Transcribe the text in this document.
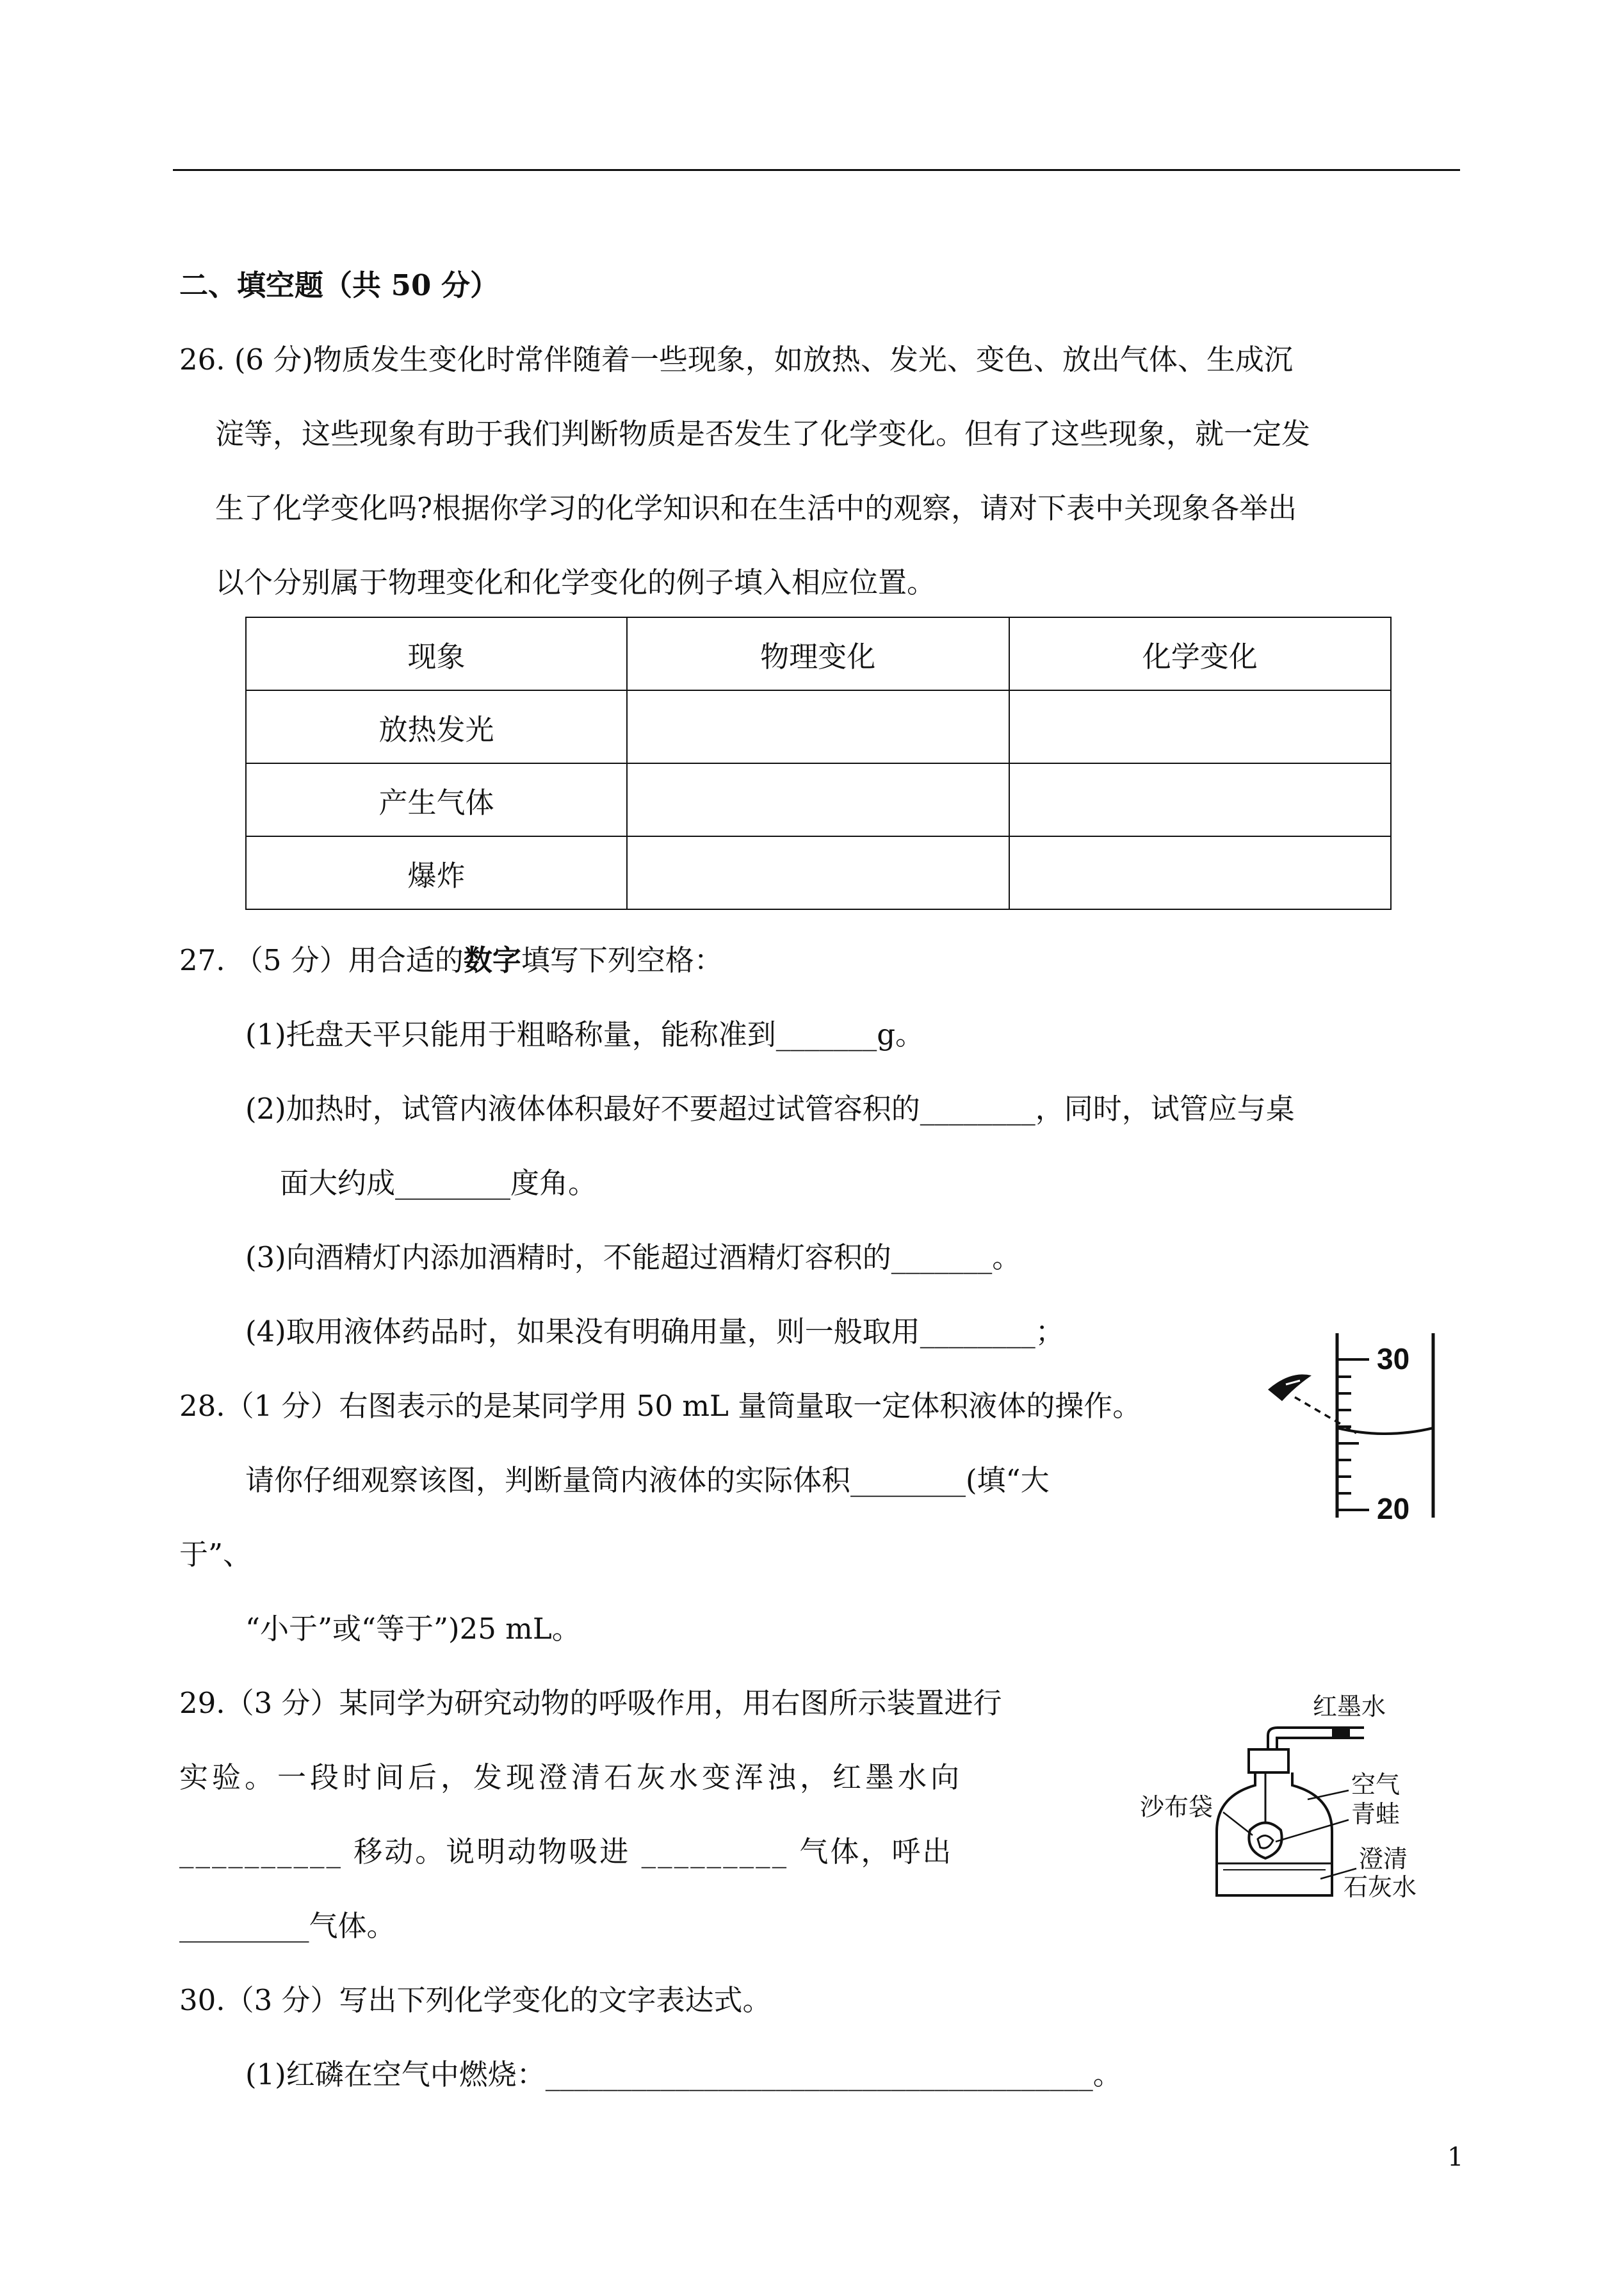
二、填空题（共 50 分）
26. (6 分)物质发生变化时常伴随着一些现象，如放热、发光、变色、放出气体、生成沉
淀等，这些现象有助于我们判断物质是否发生了化学变化。但有了这些现象，就一定发
生了化学变化吗?根据你学习的化学知识和在生活中的观察，请对下表中关现象各举出
以个分别属于物理变化和化学变化的例子填入相应位置。
现象	物理变化	化学变化
放热发光		
产生气体		
爆炸		
27. （5 分）用合适的数字填写下列空格：
(1)托盘天平只能用于粗略称量，能称准到_______g。
(2)加热时，试管内液体体积最好不要超过试管容积的________，同时，试管应与桌
面大约成________度角。
(3)向酒精灯内添加酒精时，不能超过酒精灯容积的_______。
(4)取用液体药品时，如果没有明确用量，则一般取用________；
28.（1 分）右图表示的是某同学用 50 mL 量筒量取一定体积液体的操作。
请你仔细观察该图，判断量筒内液体的实际体积________(填“大
于”、
“小于”或“等于”)25 mL。
30
20
29.（3 分）某同学为研究动物的呼吸作用，用右图所示装置进行
实验。一段时间后，发现澄清石灰水变浑浊，红墨水向
__________ 移动。说明动物吸进 _________ 气体，呼出
_________气体。
红墨水
沙布袋
空气
青蛙
澄清
石灰水
30.（3 分）写出下列化学变化的文字表达式。
(1)红磷在空气中燃烧：______________________________________。
1
